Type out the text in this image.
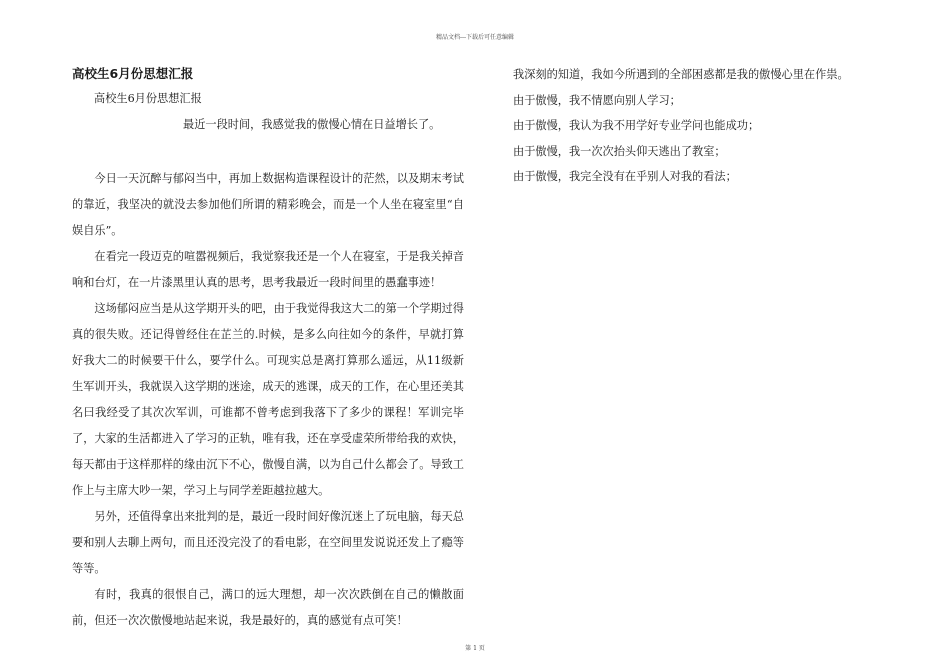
精品文档---下载后可任意编辑
高校生6月份思想汇报

高校生6月份思想汇报

最近一段时间，我感觉我的傲慢心情在日益增长了。

今日一天沉醉与郁闷当中，再加上数据构造课程设计的茫然，以及期末考试的靠近，我坚决的就没去参加他们所谓的精彩晚会，而是一个人坐在寝室里“自娱自乐”。

在看完一段迈克的喧嚣视频后，我觉察我还是一个人在寝室，于是我关掉音响和台灯，在一片漆黑里认真的思考，思考我最近一段时间里的愚蠢事迹！

这场郁闷应当是从这学期开头的吧，由于我觉得我这大二的第一个学期过得真的很失败。还记得曾经住在芷兰的.时候，是多么向往如今的条件，早就打算好我大二的时候要干什么，要学什么。可现实总是离打算那么遥远，从11级新生军训开头，我就误入这学期的迷途，成天的逃课，成天的工作，在心里还美其名曰我经受了其次次军训，可谁都不曾考虑到我落下了多少的课程！军训完毕了，大家的生活都进入了学习的正轨，唯有我，还在享受虚荣所带给我的欢快，每天都由于这样那样的缘由沉下不心，傲慢自满，以为自己什么都会了。导致工作上与主席大吵一架，学习上与同学差距越拉越大。

另外，还值得拿出来批判的是，最近一段时间好像沉迷上了玩电脑，每天总要和别人去聊上两句，而且还没完没了的看电影，在空间里发说说还发上了瘾等等等。

有时，我真的很恨自己，满口的远大理想，却一次次跌倒在自己的懒散面前，但还一次次傲慢地站起来说，我是最好的，真的感觉有点可笑！

我深刻的知道，我如今所遇到的全部困惑都是我的傲慢心里在作祟。

由于傲慢，我不情愿向别人学习；

由于傲慢，我认为我不用学好专业学问也能成功；

由于傲慢，我一次次抬头仰天逃出了教室；

由于傲慢，我完全没有在乎别人对我的看法；

第 1 页
